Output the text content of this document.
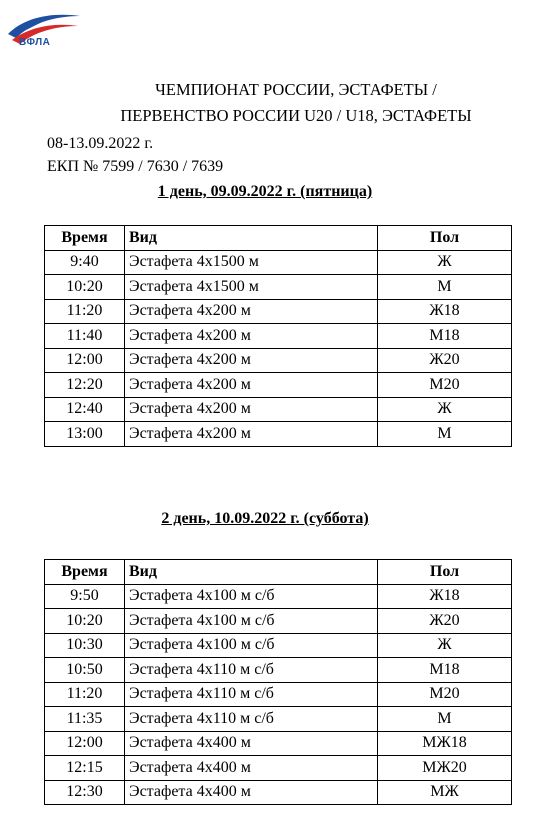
ВФЛА
ЧЕМПИОНАТ РОССИИ, ЭСТАФЕТЫ /
ПЕРВЕНСТВО РОССИИ U20 / U18, ЭСТАФЕТЫ
08-13.09.2022 г.
ЕКП № 7599 / 7630 / 7639
1 день, 09.09.2022 г. (пятница)
Время	Вид	Пол
9:40	Эстафета 4х1500 м	Ж
10:20	Эстафета 4х1500 м	М
11:20	Эстафета 4х200 м	Ж18
11:40	Эстафета 4х200 м	М18
12:00	Эстафета 4х200 м	Ж20
12:20	Эстафета 4х200 м	М20
12:40	Эстафета 4х200 м	Ж
13:00	Эстафета 4х200 м	М
2 день, 10.09.2022 г. (суббота)
Время	Вид	Пол
9:50	Эстафета 4х100 м с/б	Ж18
10:20	Эстафета 4х100 м с/б	Ж20
10:30	Эстафета 4х100 м с/б	Ж
10:50	Эстафета 4х110 м с/б	М18
11:20	Эстафета 4х110 м с/б	М20
11:35	Эстафета 4х110 м с/б	М
12:00	Эстафета 4х400 м	МЖ18
12:15	Эстафета 4х400 м	МЖ20
12:30	Эстафета 4х400 м	МЖ
